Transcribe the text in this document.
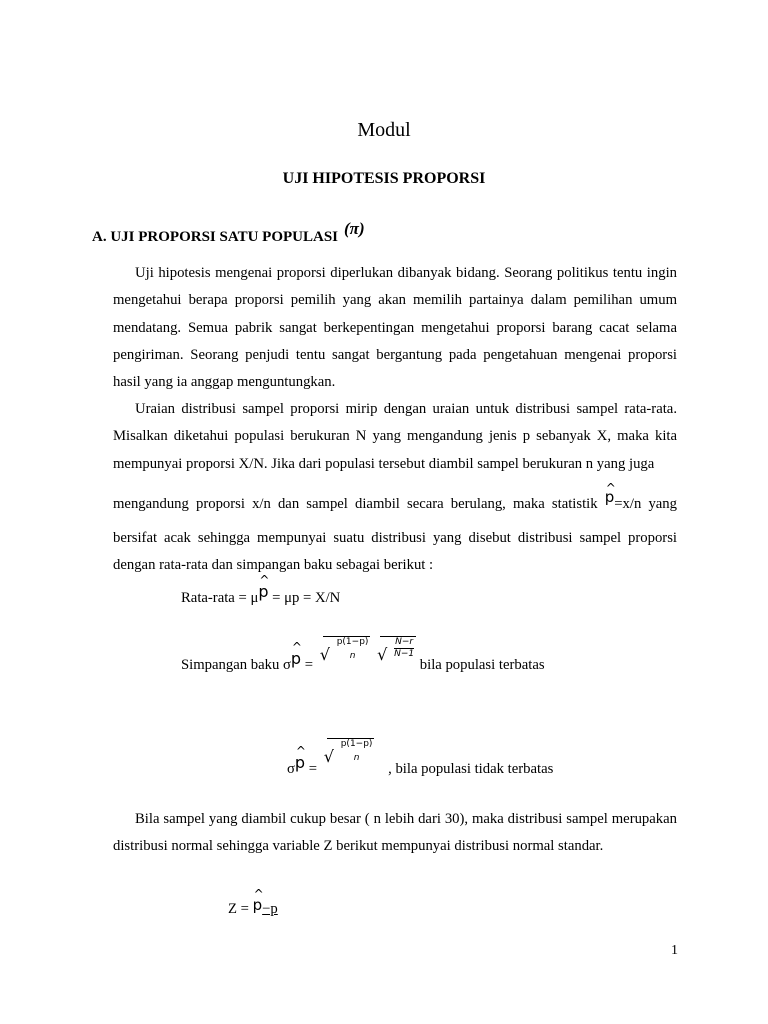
Modul
UJI HIPOTESIS PROPORSI
A. UJI PROPORSI SATU POPULASI (π)
Uji hipotesis mengenai proporsi diperlukan dibanyak bidang. Seorang politikus tentu ingin mengetahui berapa proporsi pemilih yang akan memilih partainya dalam pemilihan umum mendatang. Semua pabrik sangat berkepentingan mengetahui proporsi barang cacat selama pengiriman. Seorang penjudi tentu sangat bergantung pada pengetahuan mengenai proporsi hasil yang ia anggap menguntungkan.
Uraian distribusi sampel proporsi mirip dengan uraian untuk distribusi sampel rata-rata. Misalkan diketahui populasi berukuran N yang mengandung jenis p sebanyak X, maka kita mempunyai proporsi X/N. Jika dari populasi tersebut diambil sampel berukuran n yang juga
mengandung proporsi x/n dan sampel diambil secara berulang, maka statistik ^ p=x/n yang
bersifat acak sehingga mempunyai suatu distribusi yang disebut distribusi sampel proporsi dengan rata-rata dan simpangan baku sebagai berikut :
Rata-rata = μ^ p = μp = X/N
Simpangan baku σ^ p =
√ p(1−p)
n
	√ $\frac{N-r}{N-1}$
bila populasi terbatas
σ^ p =
√ p(1−p)
n
, bila populasi tidak terbatas
Bila sampel yang diambil cukup besar ( n lebih dari 30), maka distribusi sampel merupakan distribusi normal sehingga variable Z berikut mempunyai distribusi normal standar.
Z = ^ p−p
1
